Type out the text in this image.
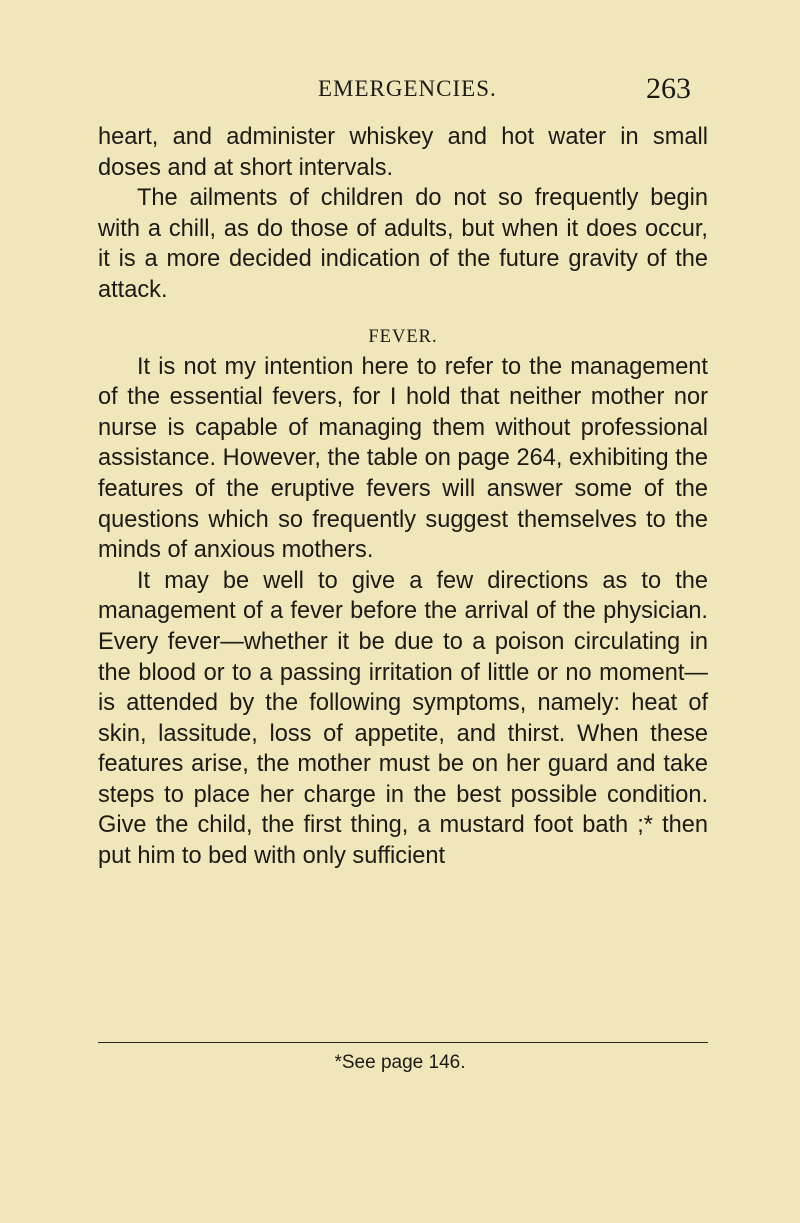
EMERGENCIES.	263

heart, and administer whiskey and hot water in small doses and at short intervals.

The ailments of children do not so frequently begin with a chill, as do those of adults, but when it does occur, it is a more decided indication of the future gravity of the attack.

FEVER.

It is not my intention here to refer to the management of the essential fevers, for I hold that neither mother nor nurse is capable of managing them without professional assistance. However, the table on page 264, exhibiting the features of the eruptive fevers will answer some of the questions which so frequently suggest themselves to the minds of anxious mothers.

It may be well to give a few directions as to the management of a fever before the arrival of the physician. Every fever—whether it be due to a poison circulating in the blood or to a passing irritation of little or no moment—is attended by the following symptoms, namely: heat of skin, lassitude, loss of appetite, and thirst. When these features arise, the mother must be on her guard and take steps to place her charge in the best possible condition. Give the child, the first thing, a mustard foot bath ;* then put him to bed with only sufficient

*See page 146.
